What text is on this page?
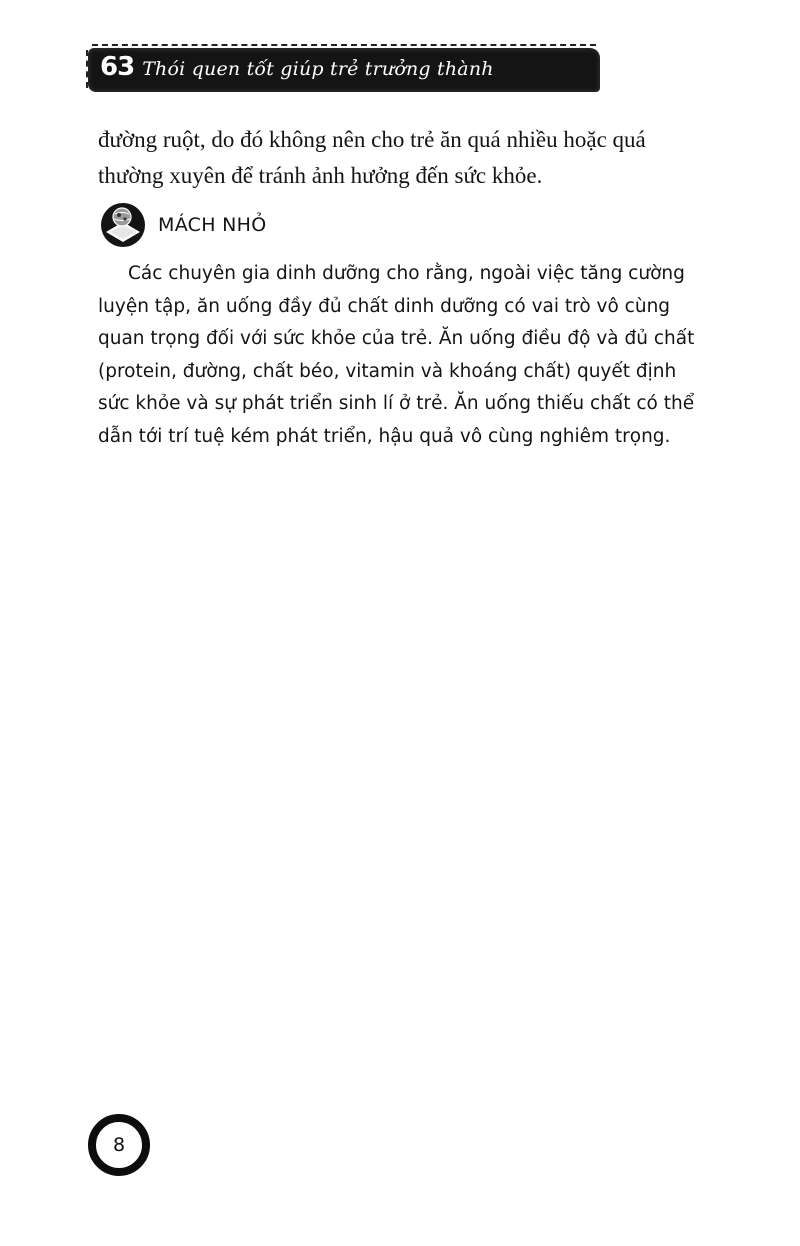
63 Thói quen tốt giúp trẻ trưởng thành
đường ruột, do đó không nên cho trẻ ăn quá nhiều hoặc quá
thường xuyên để tránh ảnh hưởng đến sức khỏe.
MÁCH NHỎ
Các chuyên gia dinh dưỡng cho rằng, ngoài việc tăng cường
luyện tập, ăn uống đầy đủ chất dinh dưỡng có vai trò vô cùng
quan trọng đối với sức khỏe của trẻ. Ăn uống điều độ và đủ chất
(protein, đường, chất béo, vitamin và khoáng chất) quyết định
sức khỏe và sự phát triển sinh lí ở trẻ. Ăn uống thiếu chất có thể
dẫn tới trí tuệ kém phát triển, hậu quả vô cùng nghiêm trọng.
8
